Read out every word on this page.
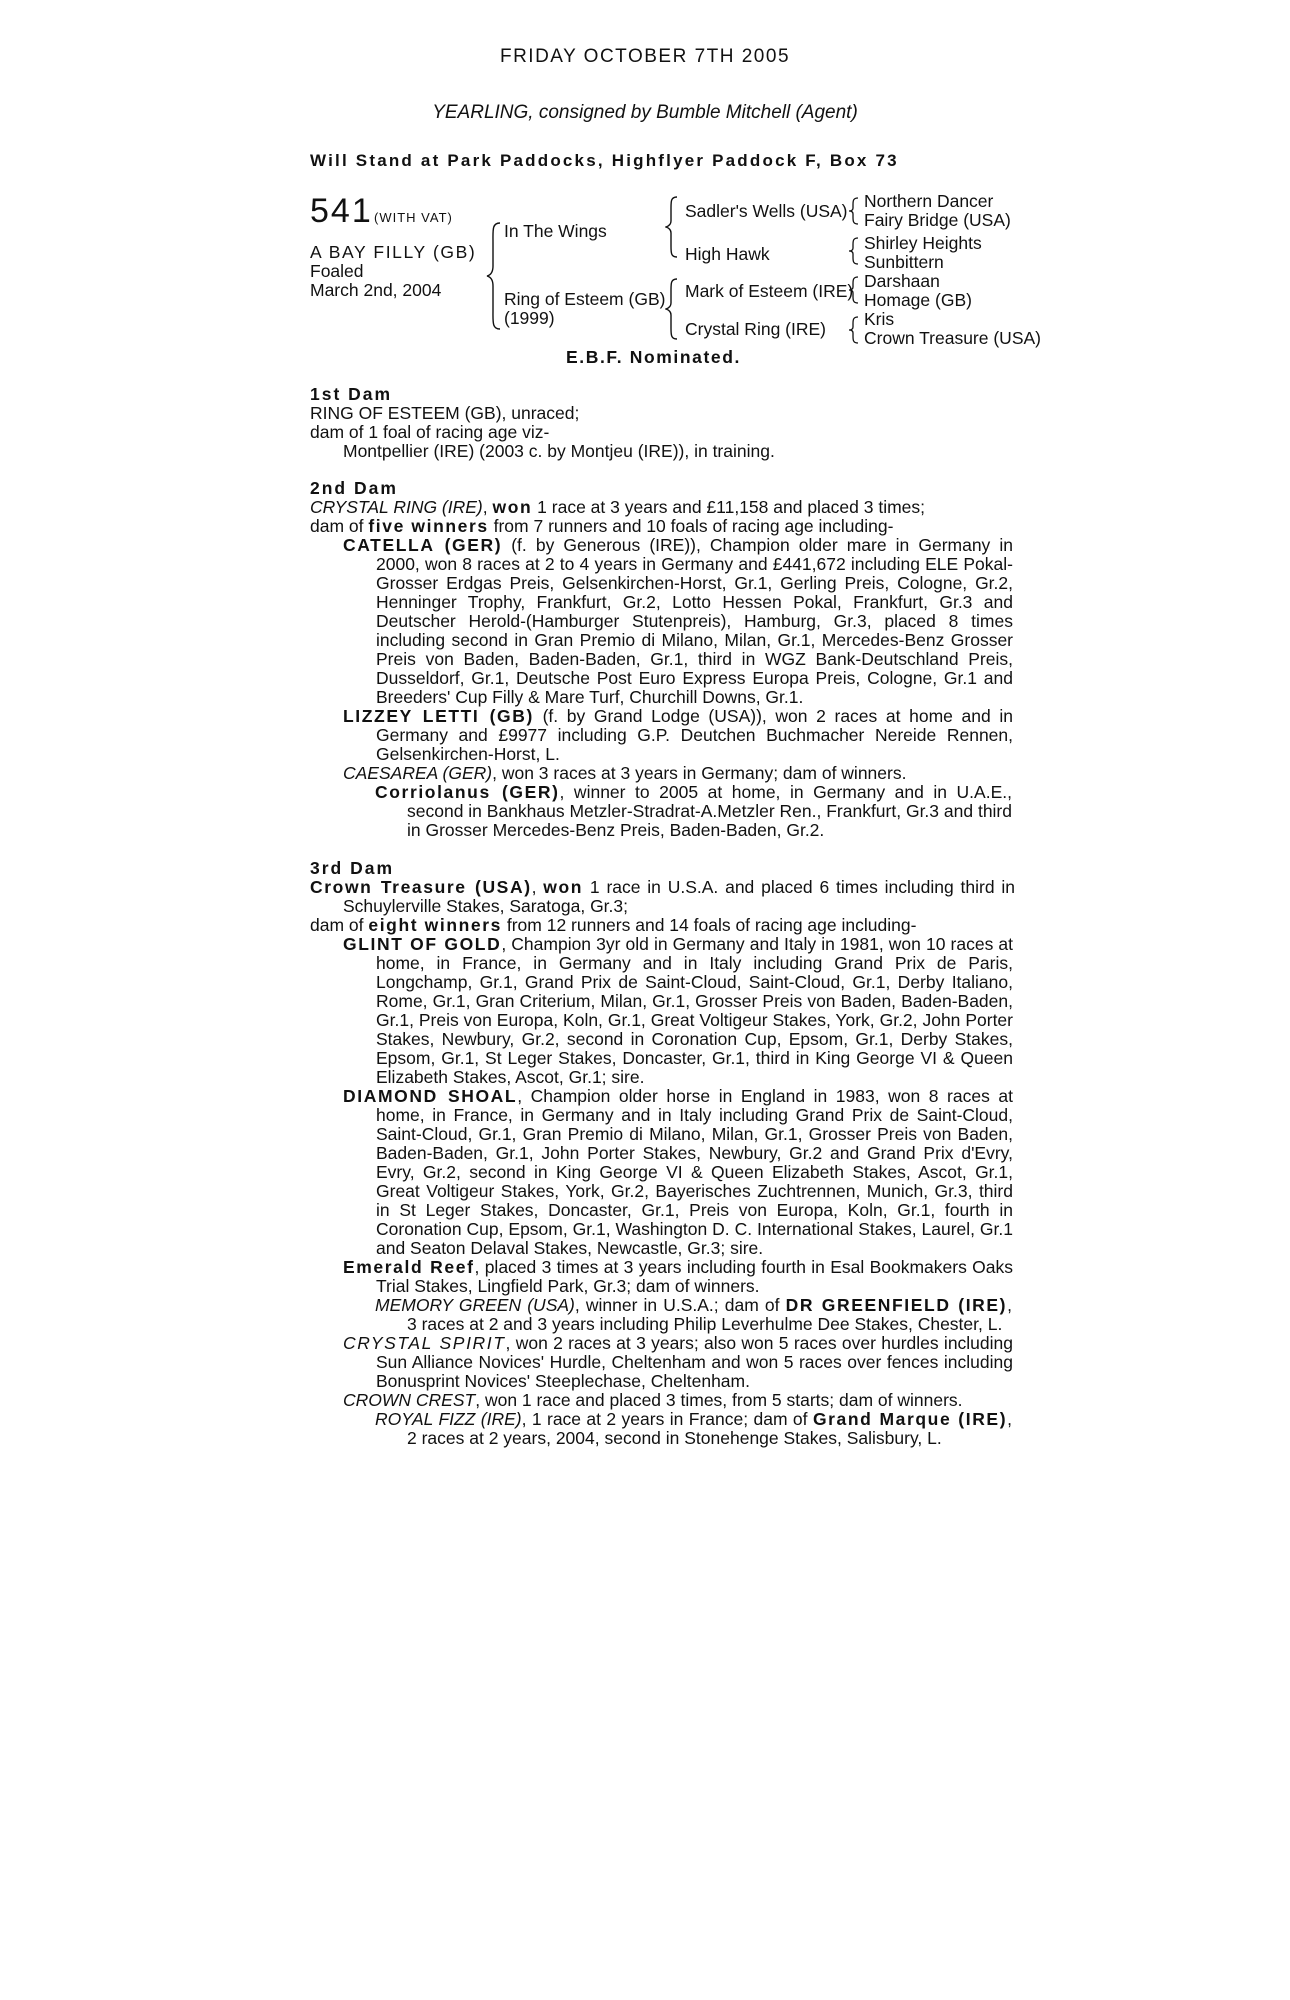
FRIDAY OCTOBER 7TH 2005
YEARLING, consigned by Bumble Mitchell (Agent)
Will Stand at Park Paddocks, Highflyer Paddock F, Box 73
541 (WITH VAT)
A BAY FILLY (GB)
Foaled
March 2nd, 2004
In The Wings
Ring of Esteem (GB)
(1999)
Sadler's Wells (USA)
High Hawk
Mark of Esteem (IRE)
Crystal Ring (IRE)
Northern Dancer
Fairy Bridge (USA)
Shirley Heights
Sunbittern
Darshaan
Homage (GB)
Kris
Crown Treasure (USA)
E.B.F. Nominated.
1st Dam
RING OF ESTEEM (GB), unraced;
dam of 1 foal of racing age viz-
Montpellier (IRE) (2003 c. by Montjeu (IRE)), in training.
2nd Dam

CRYSTAL RING (IRE), won 1 race at 3 years and £11,158 and placed 3 times;

dam of five winners from 7 runners and 10 foals of racing age including-

CATELLA (GER) (f. by Generous (IRE)), Champion older mare in Germany in 2000, won 8 races at 2 to 4 years in Germany and £441,672 including ELE Pokal-Grosser Erdgas Preis, Gelsenkirchen-Horst, Gr.1, Gerling Preis, Cologne, Gr.2, Henninger Trophy, Frankfurt, Gr.2, Lotto Hessen Pokal, Frankfurt, Gr.3 and Deutscher Herold-(Hamburger Stutenpreis), Hamburg, Gr.3, placed 8 times including second in Gran Premio di Milano, Milan, Gr.1, Mercedes-Benz Grosser Preis von Baden, Baden-Baden, Gr.1, third in WGZ Bank-Deutschland Preis, Dusseldorf, Gr.1, Deutsche Post Euro Express Europa Preis, Cologne, Gr.1 and Breeders' Cup Filly & Mare Turf, Churchill Downs, Gr.1.
LIZZEY LETTI (GB) (f. by Grand Lodge (USA)), won 2 races at home and in Germany and £9977 including G.P. Deutchen Buchmacher Nereide Rennen, Gelsenkirchen-Horst, L.
CAESAREA (GER), won 3 races at 3 years in Germany; dam of winners.
Corriolanus (GER), winner to 2005 at home, in Germany and in U.A.E., second in Bankhaus Metzler-Stradrat-A.Metzler Ren., Frankfurt, Gr.3 and third in Grosser Mercedes-Benz Preis, Baden-Baden, Gr.2.
3rd Dam
Crown Treasure (USA), won 1 race in U.S.A. and placed 6 times including third in Schuylerville Stakes, Saratoga, Gr.3;
dam of eight winners from 12 runners and 14 foals of racing age including-
GLINT OF GOLD, Champion 3yr old in Germany and Italy in 1981, won 10 races at home, in France, in Germany and in Italy including Grand Prix de Paris, Longchamp, Gr.1, Grand Prix de Saint-Cloud, Saint-Cloud, Gr.1, Derby Italiano, Rome, Gr.1, Gran Criterium, Milan, Gr.1, Grosser Preis von Baden, Baden-Baden, Gr.1, Preis von Europa, Koln, Gr.1, Great Voltigeur Stakes, York, Gr.2, John Porter Stakes, Newbury, Gr.2, second in Coronation Cup, Epsom, Gr.1, Derby Stakes, Epsom, Gr.1, St Leger Stakes, Doncaster, Gr.1, third in King George VI & Queen Elizabeth Stakes, Ascot, Gr.1; sire.
DIAMOND SHOAL, Champion older horse in England in 1983, won 8 races at home, in France, in Germany and in Italy including Grand Prix de Saint-Cloud, Saint-Cloud, Gr.1, Gran Premio di Milano, Milan, Gr.1, Grosser Preis von Baden, Baden-Baden, Gr.1, John Porter Stakes, Newbury, Gr.2 and Grand Prix d'Evry, Evry, Gr.2, second in King George VI & Queen Elizabeth Stakes, Ascot, Gr.1, Great Voltigeur Stakes, York, Gr.2, Bayerisches Zuchtrennen, Munich, Gr.3, third in St Leger Stakes, Doncaster, Gr.1, Preis von Europa, Koln, Gr.1, fourth in Coronation Cup, Epsom, Gr.1, Washington D. C. International Stakes, Laurel, Gr.1 and Seaton Delaval Stakes, Newcastle, Gr.3; sire.
Emerald Reef, placed 3 times at 3 years including fourth in Esal Bookmakers Oaks Trial Stakes, Lingfield Park, Gr.3; dam of winners.
MEMORY GREEN (USA), winner in U.S.A.; dam of DR GREENFIELD (IRE), 3 races at 2 and 3 years including Philip Leverhulme Dee Stakes, Chester, L.
CRYSTAL SPIRIT, won 2 races at 3 years; also won 5 races over hurdles including Sun Alliance Novices' Hurdle, Cheltenham and won 5 races over fences including Bonusprint Novices' Steeplechase, Cheltenham.
CROWN CREST, won 1 race and placed 3 times, from 5 starts; dam of winners.
ROYAL FIZZ (IRE), 1 race at 2 years in France; dam of Grand Marque (IRE), 2 races at 2 years, 2004, second in Stonehenge Stakes, Salisbury, L.
